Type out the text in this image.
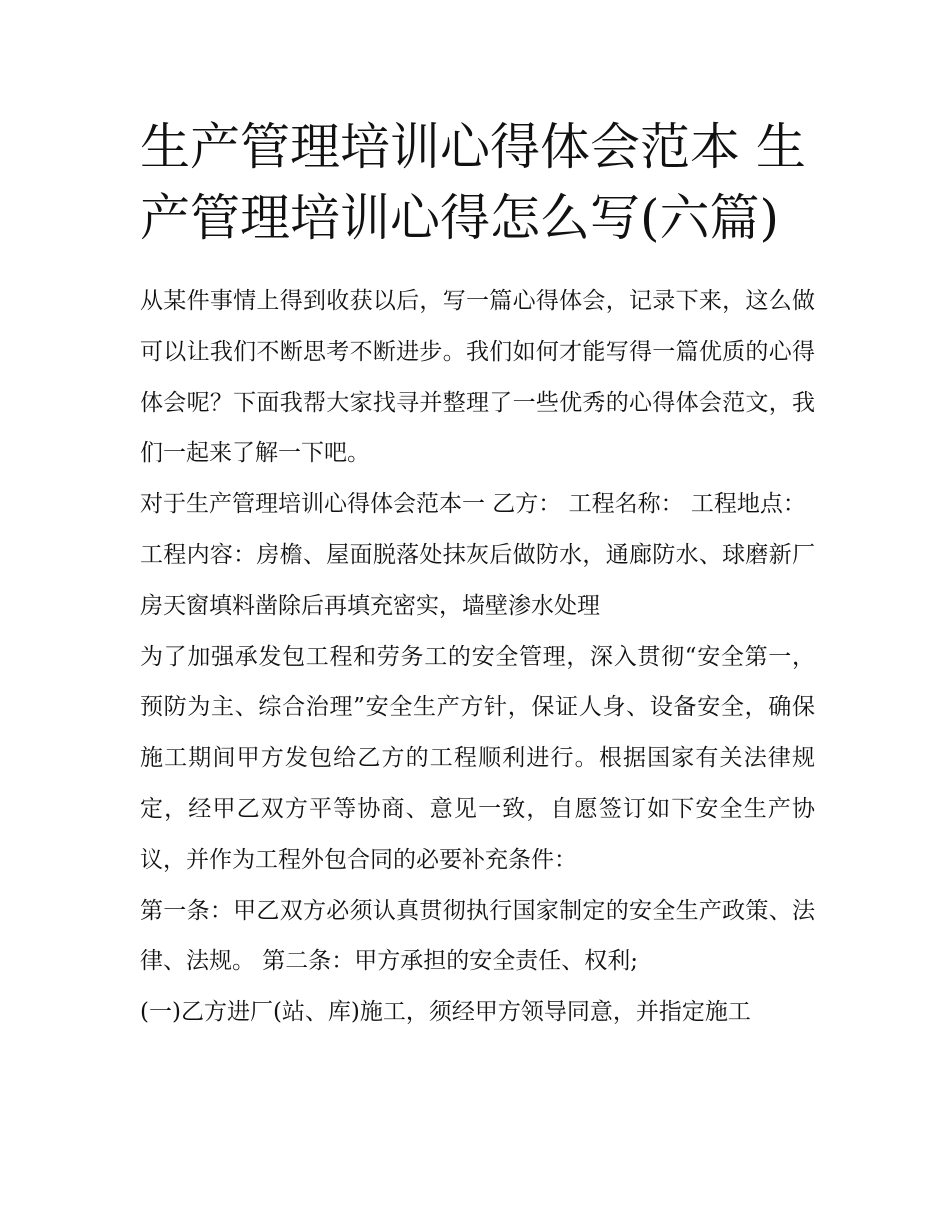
生产管理培训心得体会范本 生产管理培训心得怎么写(六篇)

从某件事情上得到收获以后，写一篇心得体会，记录下来，这么做可以让我们不断思考不断进步。我们如何才能写得一篇优质的心得体会呢？下面我帮大家找寻并整理了一些优秀的心得体会范文，我们一起来了解一下吧。

对于生产管理培训心得体会范本一 乙方： 工程名称： 工程地点：

工程内容：房檐、屋面脱落处抹灰后做防水，通廊防水、球磨新厂房天窗填料凿除后再填充密实，墙壁渗水处理

为了加强承发包工程和劳务工的安全管理，深入贯彻“安全第一，预防为主、综合治理”安全生产方针，保证人身、设备安全，确保施工期间甲方发包给乙方的工程顺利进行。根据国家有关法律规定，经甲乙双方平等协商、意见一致，自愿签订如下安全生产协议，并作为工程外包合同的必要补充条件：

第一条：甲乙双方必须认真贯彻执行国家制定的安全生产政策、法律、法规。 第二条：甲方承担的安全责任、权利;

(一)乙方进厂(站、库)施工，须经甲方领导同意，并指定施工
